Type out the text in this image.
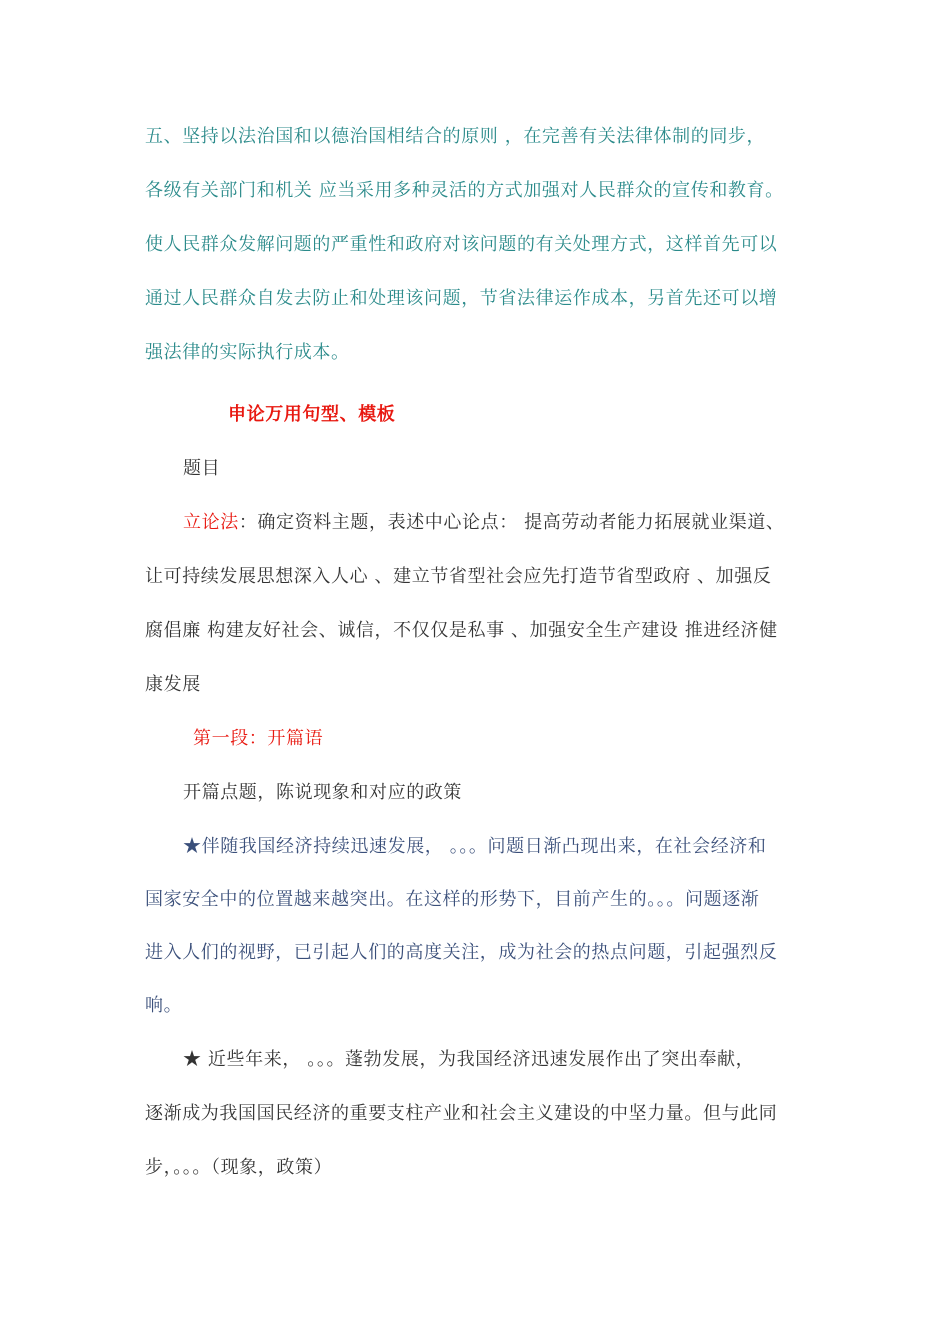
五、坚持以法治国和以德治国相结合的原则 ，在完善有关法律体制的同步，
各级有关部门和机关 应当采用多种灵活的方式加强对人民群众的宣传和教育。
使人民群众发解问题的严重性和政府对该问题的有关处理方式，这样首先可以
通过人民群众自发去防止和处理该问题，节省法律运作成本，另首先还可以增
强法律的实际执行成本。
申论万用句型、模板
题目
立论法：确定资料主题，表述中心论点： 提高劳动者能力拓展就业渠道、
让可持续发展思想深入人心 、建立节省型社会应先打造节省型政府 、加强反
腐倡廉 构建友好社会、诚信，不仅仅是私事 、加强安全生产建设 推进经济健
康发展
第一段：开篇语
开篇点题，陈说现象和对应的政策
★伴随我国经济持续迅速发展， 。。。问题日渐凸现出来，在社会经济和
国家安全中的位置越来越突出。在这样的形势下，目前产生的。。。问题逐渐
进入人们的视野，已引起人们的高度关注，成为社会的热点问题，引起强烈反
响。
★ 近些年来， 。。。蓬勃发展，为我国经济迅速发展作出了突出奉献，
逐渐成为我国国民经济的重要支柱产业和社会主义建设的中坚力量。但与此同
步，。。。（现象，政策）
